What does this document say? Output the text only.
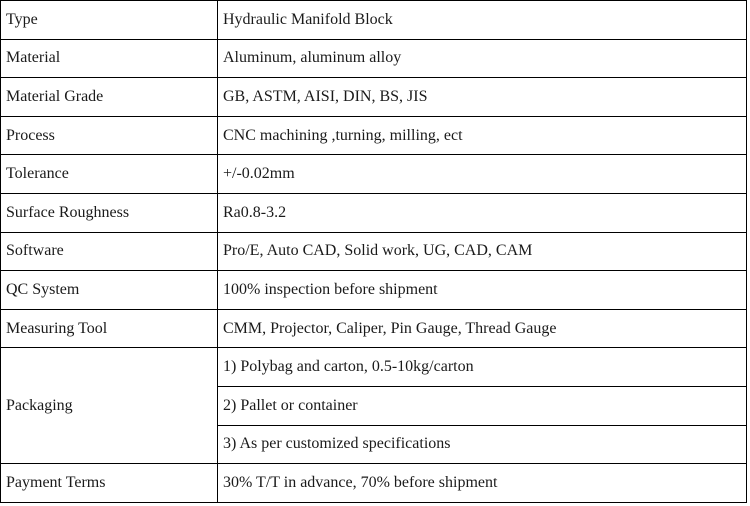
Type	Hydraulic Manifold Block
Material	Aluminum, aluminum alloy
Material Grade	GB, ASTM, AISI, DIN, BS, JIS
Process	CNC machining ,turning, milling, ect
Tolerance	+/-0.02mm
Surface Roughness	Ra0.8-3.2
Software	Pro/E, Auto CAD, Solid work, UG, CAD, CAM
QC System	100% inspection before shipment
Measuring Tool	CMM, Projector, Caliper, Pin Gauge, Thread Gauge
Packaging	1) Polybag and carton, 0.5-10kg/carton
	2) Pallet or container
	3) As per customized specifications
Payment Terms	30% T/T in advance, 70% before shipment
